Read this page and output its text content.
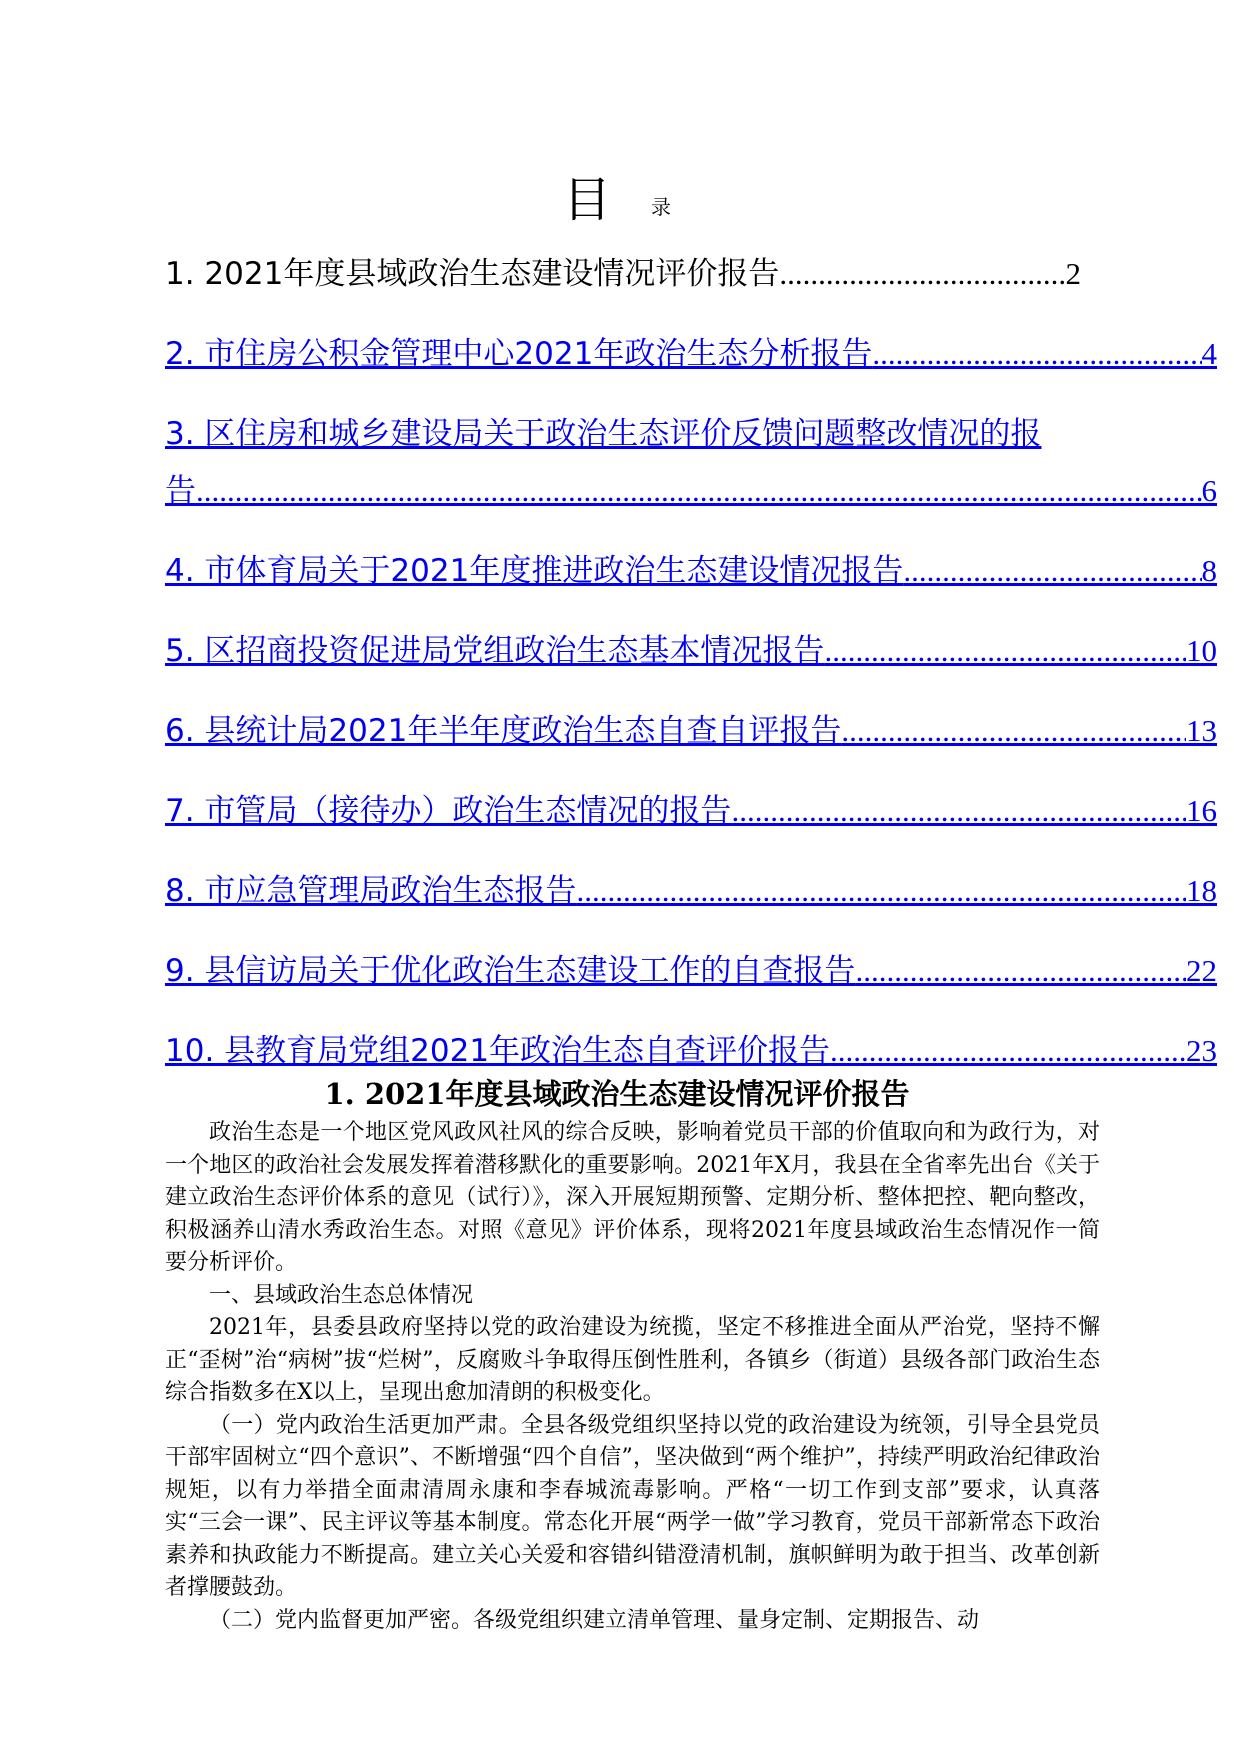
目 录
1. 2021年度县域政治生态建设情况评价报告 .....	2
2. 市住房公积金管理中心2021年政治生态分析报告 .....	4
3. 区住房和城乡建设局关于政治生态评价反馈问题整改情况的报
告 .....	6
4. 市体育局关于2021年度推进政治生态建设情况报告 .....	8
5. 区招商投资促进局党组政治生态基本情况报告 .....	10
6. 县统计局2021年半年度政治生态自查自评报告 .....	13
7. 市管局（接待办）政治生态情况的报告 .....	16
8. 市应急管理局政治生态报告 .....	18
9. 县信访局关于优化政治生态建设工作的自查报告 .....	22
10. 县教育局党组2021年政治生态自查评价报告 .....	23
1. 2021年度县域政治生态建设情况评价报告

政治生态是一个地区党风政风社风的综合反映，影响着党员干部的价值取向和为政行为，对一个地区的政治社会发展发挥着潜移默化的重要影响。2021年X月，我县在全省率先出台《关于建立政治生态评价体系的意见（试行）》，深入开展短期预警、定期分析、整体把控、靶向整改，积极涵养山清水秀政治生态。对照《意见》评价体系，现将2021年度县域政治生态情况作一简要分析评价。

一、县域政治生态总体情况

2021年，县委县政府坚持以党的政治建设为统揽，坚定不移推进全面从严治党，坚持不懈正“歪树”治“病树”拔“烂树”，反腐败斗争取得压倒性胜利，各镇乡（街道）县级各部门政治生态综合指数多在X以上，呈现出愈加清朗的积极变化。

（一）党内政治生活更加严肃。全县各级党组织坚持以党的政治建设为统领，引导全县党员干部牢固树立“四个意识”、不断增强“四个自信”，坚决做到“两个维护”，持续严明政治纪律政治规矩，以有力举措全面肃清周永康和李春城流毒影响。严格“一切工作到支部”要求，认真落实“三会一课”、民主评议等基本制度。常态化开展“两学一做”学习教育，党员干部新常态下政治素养和执政能力不断提高。建立关心关爱和容错纠错澄清机制，旗帜鲜明为敢于担当、改革创新者撑腰鼓劲。

（二）党内监督更加严密。各级党组织建立清单管理、量身定制、定期报告、动
